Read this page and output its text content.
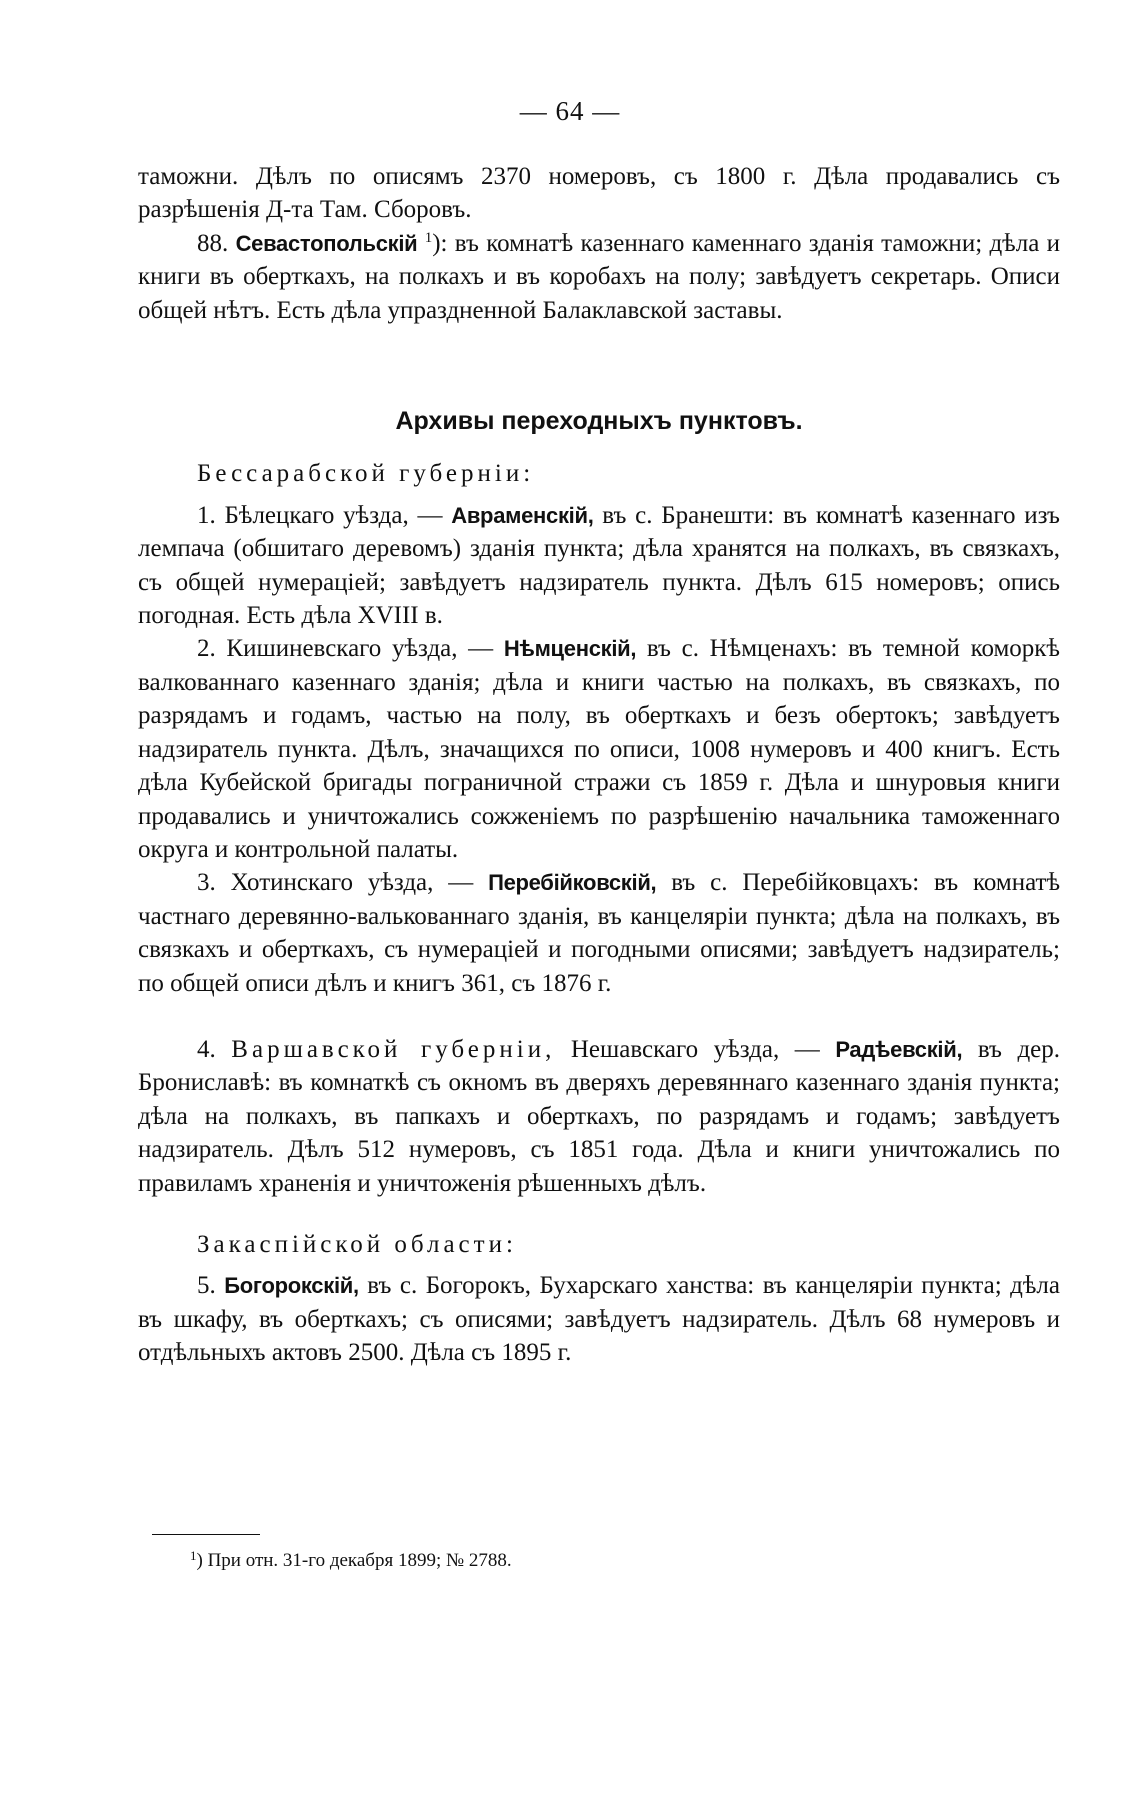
— 64 —

таможни. Дѣлъ по описямъ 2370 номеровъ, съ 1800 г. Дѣла продавались съ разрѣшенія Д-та Там. Сборовъ.

88. Севастопольскій $^1$): въ комнатѣ казеннаго каменнаго зданія таможни; дѣла и книги въ оберткахъ, на полкахъ и въ коробахъ на полу; завѣдуетъ секретарь. Описи общей нѣтъ. Есть дѣла упраздненной Балаклавской заставы.

Архивы переходныхъ пунктовъ.

Бессарабской губерніи:

1. Бѣлецкаго уѣзда, — Авраменскій, въ с. Бранешти: въ комнатѣ казеннаго изъ лемпача (обшитаго деревомъ) зданія пункта; дѣла хранятся на полкахъ, въ связкахъ, съ общей нумераціей; завѣдуетъ надзиратель пункта. Дѣлъ 615 номеровъ; опись погодная. Есть дѣла XVIII в.

2. Кишиневскаго уѣзда, — Нѣмценскій, въ с. Нѣмценахъ: въ темной коморкѣ валкованнаго казеннаго зданія; дѣла и книги частью на полкахъ, въ связкахъ, по разрядамъ и годамъ, частью на полу, въ оберткахъ и безъ обертокъ; завѣдуетъ надзиратель пункта. Дѣлъ, значащихся по описи, 1008 нумеровъ и 400 книгъ. Есть дѣла Кубейской бригады пограничной стражи съ 1859 г. Дѣла и шнуровыя книги продавались и уничтожались сожженіемъ по разрѣшенію начальника таможеннаго округа и контрольной палаты.

3. Хотинскаго уѣзда, — Перебійковскій, въ с. Перебійковцахъ: въ комнатѣ частнаго деревянно-вальковaннаго зданія, въ канцеляріи пункта; дѣла на полкахъ, въ связкахъ и оберткахъ, съ нумераціей и погодными описями; завѣдуетъ надзиратель; по общей описи дѣлъ и книгъ 361, съ 1876 г.

4. Варшавской губерніи, Нешавскаго уѣзда, — Радѣевскій, въ дер. Брониславѣ: въ комнаткѣ съ окномъ въ дверяхъ деревяннаго казеннаго зданія пункта; дѣла на полкахъ, въ папкахъ и оберткахъ, по разрядамъ и годамъ; завѣдуетъ надзиратель. Дѣлъ 512 нумеровъ, съ 1851 года. Дѣла и книги уничтожались по правиламъ храненія и уничтоженія рѣшенныхъ дѣлъ.

Закаспійской области:

5. Богорокскій, въ с. Богорокъ, Бухарскаго ханства: въ канцеляріи пункта; дѣла въ шкафу, въ оберткахъ; съ описями; завѣдуетъ надзиратель. Дѣлъ 68 нумеровъ и отдѣльныхъ актовъ 2500. Дѣла съ 1895 г.

$^1$) При отн. 31-го декабря 1899; № 2788.
